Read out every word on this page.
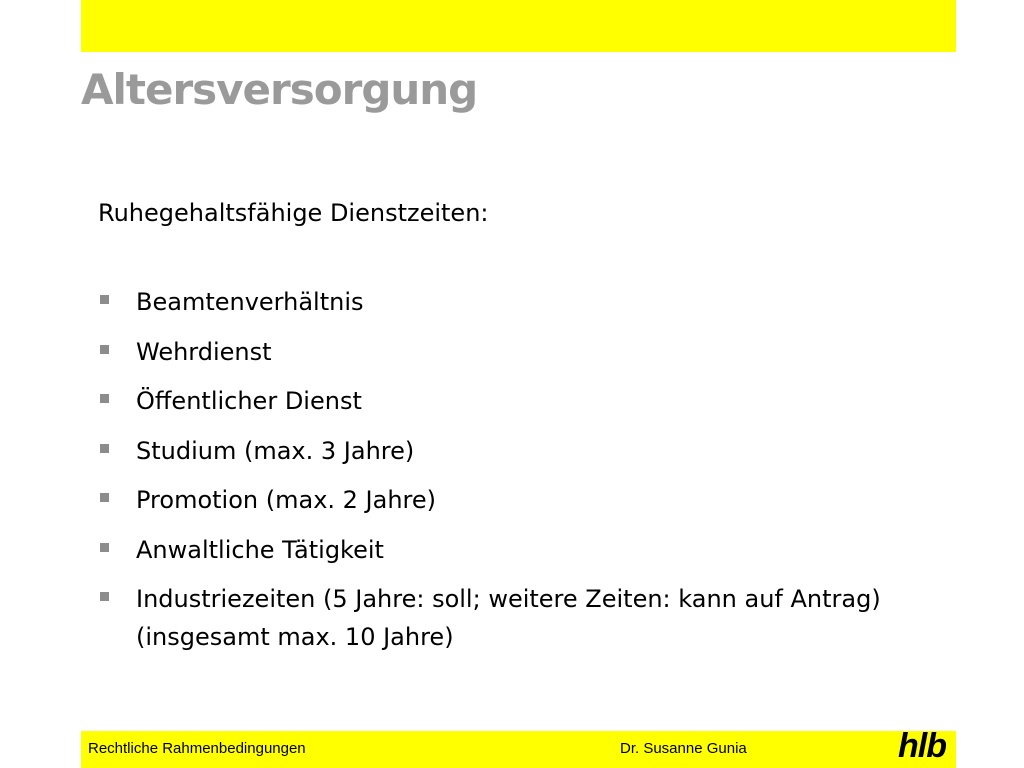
Altersversorgung

Ruhegehaltsfähige Dienstzeiten:

Beamtenverhältnis
Wehrdienst
Öffentlicher Dienst
Studium (max. 3 Jahre)
Promotion (max. 2 Jahre)
Anwaltliche Tätigkeit
Industriezeiten (5 Jahre: soll; weitere Zeiten: kann auf Antrag) (insgesamt max. 10 Jahre)
Rechtliche Rahmenbedingungen	Dr. Susanne Gunia	hlb
